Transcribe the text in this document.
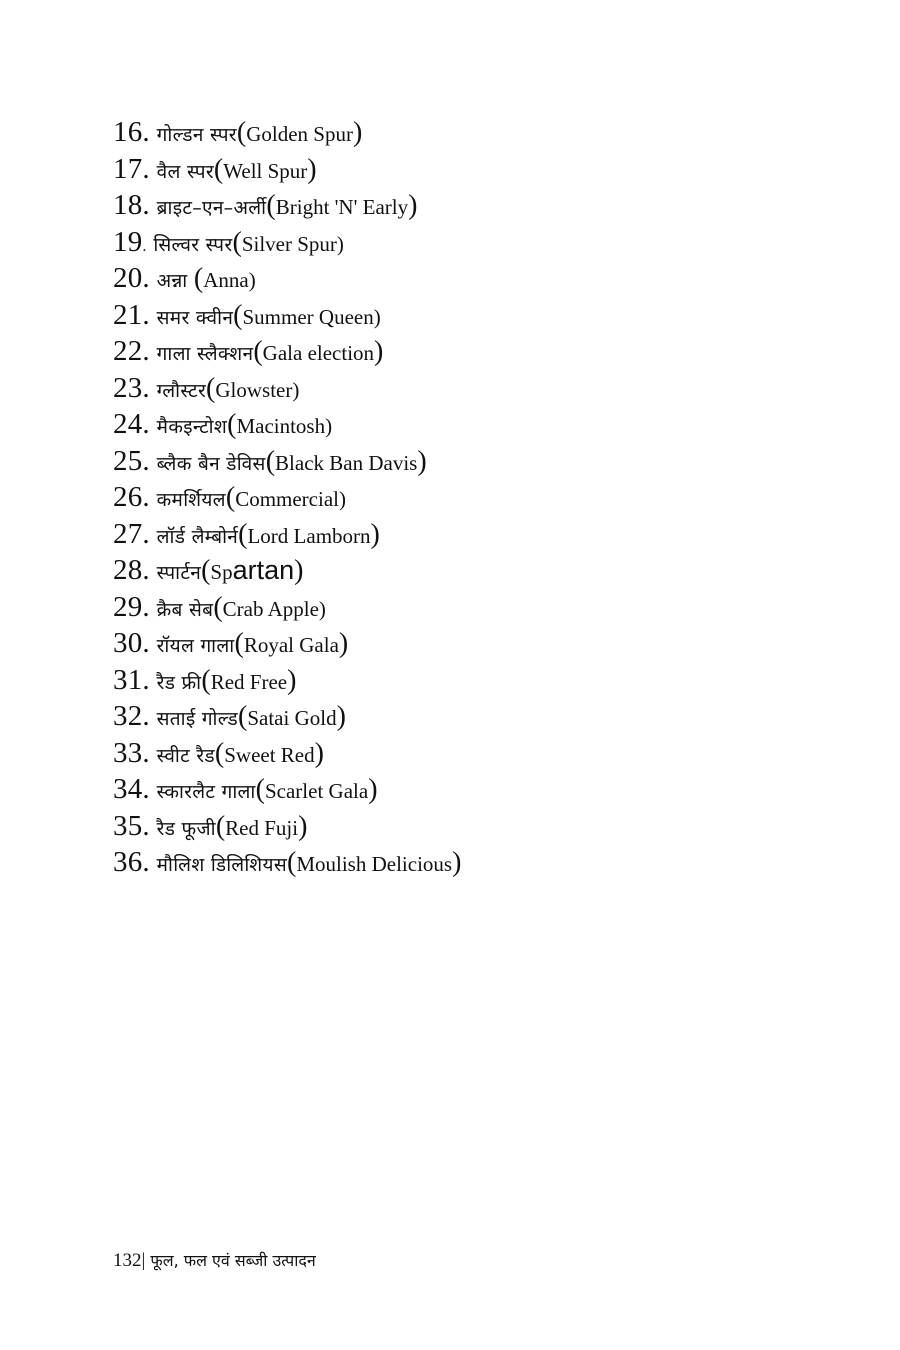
16. गोल्डन स्पर(Golden Spur)
17. वैल स्पर(Well Spur)
18. ब्राइट–एन–अर्ली(Bright 'N' Early)
19. सिल्वर स्पर(Silver Spur)
20. अन्ना (Anna)
21. समर क्वीन(Summer Queen)
22. गाला स्लैक्शन(Gala election)
23. ग्लौस्टर(Glowster)
24. मैकइन्टोश(Macintosh)
25. ब्लैक बैन डेविस(Black Ban Davis)
26. कमर्शियल(Commercial)
27. लॉर्ड लैम्बोर्न(Lord Lamborn)
28. स्पार्टन(Spartan)
29. क्रैब सेब(Crab Apple)
30. रॉयल गाला(Royal Gala)
31. रैड फ्री(Red Free)
32. सताई गोल्ड(Satai Gold)
33. स्वीट रैड(Sweet Red)
34. स्कारलैट गाला(Scarlet Gala)
35. रैड फूजी(Red Fuji)
36. मौलिश डिलिशियस(Moulish Delicious)
132| फूल, फल एवं सब्जी उत्पादन
